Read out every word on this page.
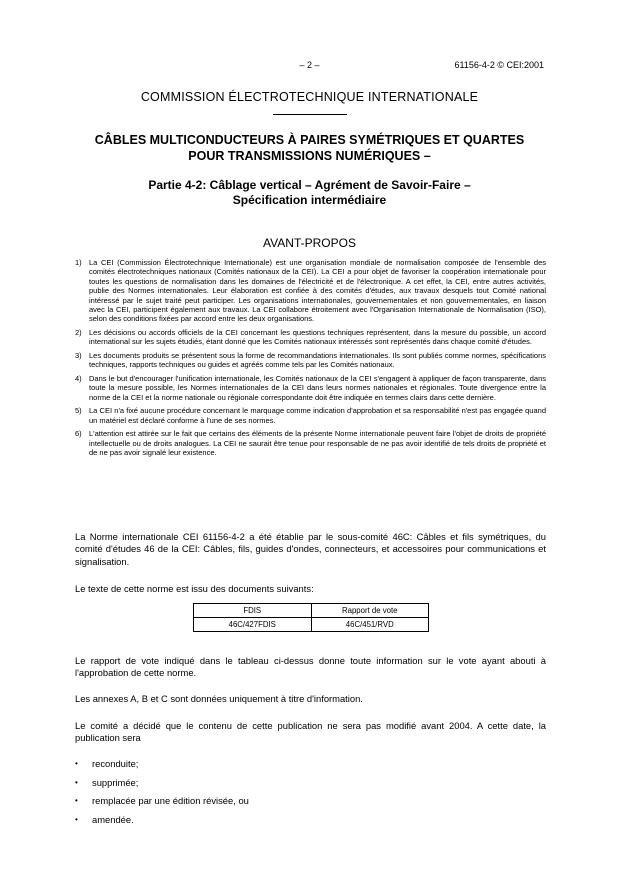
– 2 –	61156-4-2 © CEI:2001
COMMISSION ÉLECTROTECHNIQUE INTERNATIONALE
CÂBLES MULTICONDUCTEURS À PAIRES SYMÉTRIQUES ET QUARTES
POUR TRANSMISSIONS NUMÉRIQUES –
Partie 4-2: Câblage vertical – Agrément de Savoir-Faire –
Spécification intermédiaire
AVANT-PROPOS
1) La CEI (Commission Électrotechnique Internationale) est une organisation mondiale de normalisation composée de l'ensemble des comités électrotechniques nationaux (Comités nationaux de la CEI). La CEI a pour objet de favoriser la coopération internationale pour toutes les questions de normalisation dans les domaines de l'électricité et de l'électronique. A cet effet, la CEI, entre autres activités, publie des Normes internationales. Leur élaboration est confiée à des comités d'études, aux travaux desquels tout Comité national intéressé par le sujet traité peut participer. Les organisations internationales, gouvernementales et non gouvernementales, en liaison avec la CEI, participent également aux travaux. La CEI collabore étroitement avec l'Organisation Internationale de Normalisation (ISO), selon des conditions fixées par accord entre les deux organisations.
2) Les décisions ou accords officiels de la CEI concernant les questions techniques représentent, dans la mesure du possible, un accord international sur les sujets étudiés, étant donné que les Comités nationaux intéressés sont représentés dans chaque comité d'études.
3) Les documents produits se présentent sous la forme de recommandations internationales. Ils sont publiés comme normes, spécifications techniques, rapports techniques ou guides et agréés comme tels par les Comités nationaux.
4) Dans le but d'encourager l'unification internationale, les Comités nationaux de la CEI s'engagent à appliquer de façon transparente, dans toute la mesure possible, les Normes internationales de la CEI dans leurs normes nationales et régionales. Toute divergence entre la norme de la CEI et la norme nationale ou régionale correspondante doit être indiquée en termes clairs dans cette dernière.
5) La CEI n'a fixé aucune procédure concernant le marquage comme indication d'approbation et sa responsabilité n'est pas engagée quand un matériel est déclaré conforme à l'une de ses normes.
6) L'attention est attirée sur le fait que certains des éléments de la présente Norme internationale peuvent faire l'objet de droits de propriété intellectuelle ou de droits analogues. La CEI ne saurait être tenue pour responsable de ne pas avoir identifié de tels droits de propriété et de ne pas avoir signalé leur existence.
La Norme internationale CEI 61156-4-2 a été établie par le sous-comité 46C: Câbles et fils symétriques, du comité d'études 46 de la CEI: Câbles, fils, guides d'ondes, connecteurs, et accessoires pour communications et signalisation.
Le texte de cette norme est issu des documents suivants:
FDIS	Rapport de vote
46C/427FDIS	46C/451/RVD
Le rapport de vote indiqué dans le tableau ci-dessus donne toute information sur le vote ayant abouti à l'approbation de cette norme.
Les annexes A, B et C sont données uniquement à titre d'information.
Le comité a décidé que le contenu de cette publication ne sera pas modifié avant 2004. A cette date, la publication sera
•	reconduite;
•	supprimée;
•	remplacée par une édition révisée, ou
•	amendée.
